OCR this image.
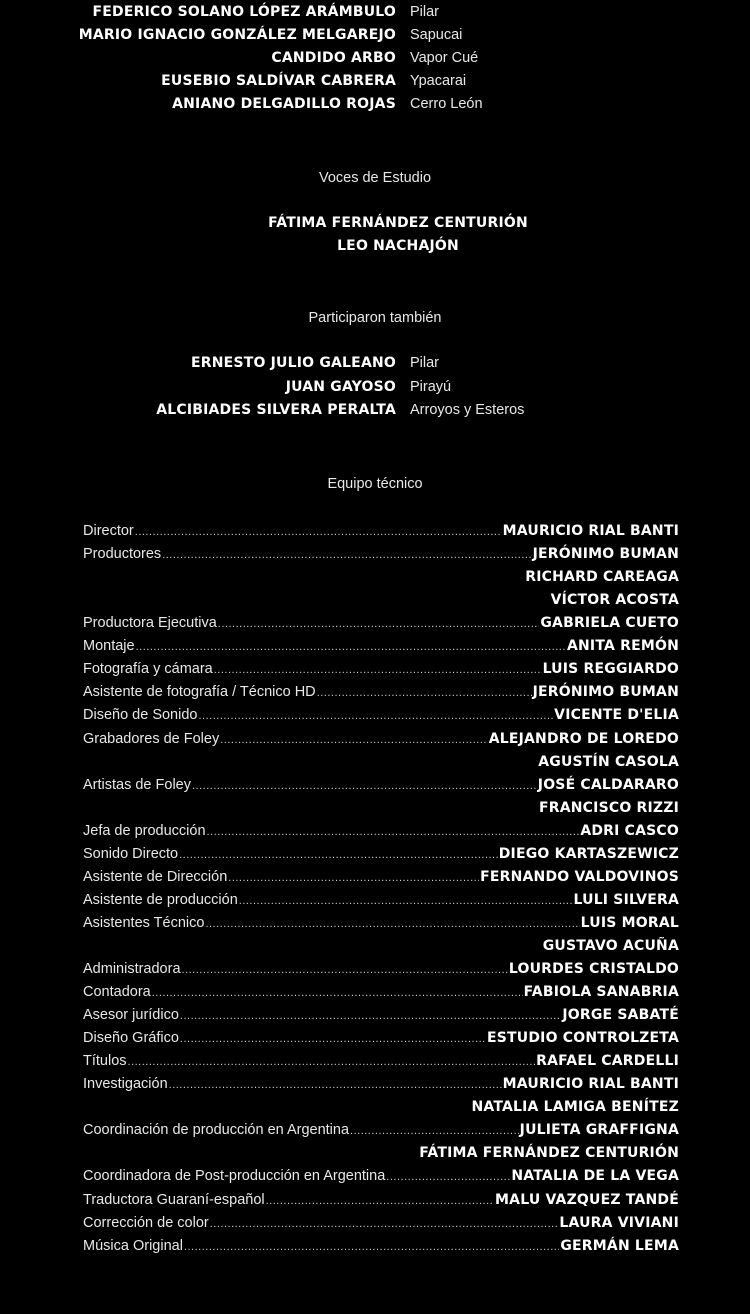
FEDERICO SOLANO LÓPEZ ARÁMBULO Pilar
MARIO IGNACIO GONZÁLEZ MELGAREJO Sapucai
CANDIDO ARBO Vapor Cué
EUSEBIO SALDÍVAR CABRERA Ypacarai
ANIANO DELGADILLO ROJAS Cerro León
Voces de Estudio
FÁTIMA FERNÁNDEZ CENTURIÓN
LEO NACHAJÓN
Participaron también
ERNESTO JULIO GALEANO Pilar
JUAN GAYOSO Pirayú
ALCIBIADES SILVERA PERALTA Arroyos y Esteros
Equipo técnico
Director .....	MAURICIO RIAL BANTI
Productores .....	JERÓNIMO BUMAN
RICHARD CAREAGA
VÍCTOR ACOSTA
Productora Ejecutiva .....	GABRIELA CUETO
Montaje .....	ANITA REMÓN
Fotografía y cámara .....	LUIS REGGIARDO
Asistente de fotografía / Técnico HD .....	JERÓNIMO BUMAN
Diseño de Sonido .....	VICENTE D'ELIA
Grabadores de Foley .....	ALEJANDRO DE LOREDO
AGUSTÍN CASOLA
Artistas de Foley .....	JOSÉ CALDARARO
FRANCISCO RIZZI
Jefa de producción .....	ADRI CASCO
Sonido Directo .....	DIEGO KARTASZEWICZ
Asistente de Dirección .....	FERNANDO VALDOVINOS
Asistente de producción .....	LULI SILVERA
Asistentes Técnico .....	LUIS MORAL
GUSTAVO ACUÑA
Administradora .....	LOURDES CRISTALDO
Contadora .....	FABIOLA SANABRIA
Asesor jurídico .....	JORGE SABATÉ
Diseño Gráfico .....	ESTUDIO CONTROLZETA
Títulos .....	RAFAEL CARDELLI
Investigación .....	MAURICIO RIAL BANTI
NATALIA LAMIGA BENÍTEZ
Coordinación de producción en Argentina .....	JULIETA GRAFFIGNA
FÁTIMA FERNÁNDEZ CENTURIÓN
Coordinadora de Post-producción en Argentina .....	NATALIA DE LA VEGA
Traductora Guaraní-español .....	MALU VAZQUEZ TANDÉ
Corrección de color .....	LAURA VIVIANI
Música Original .....	GERMÁN LEMA
